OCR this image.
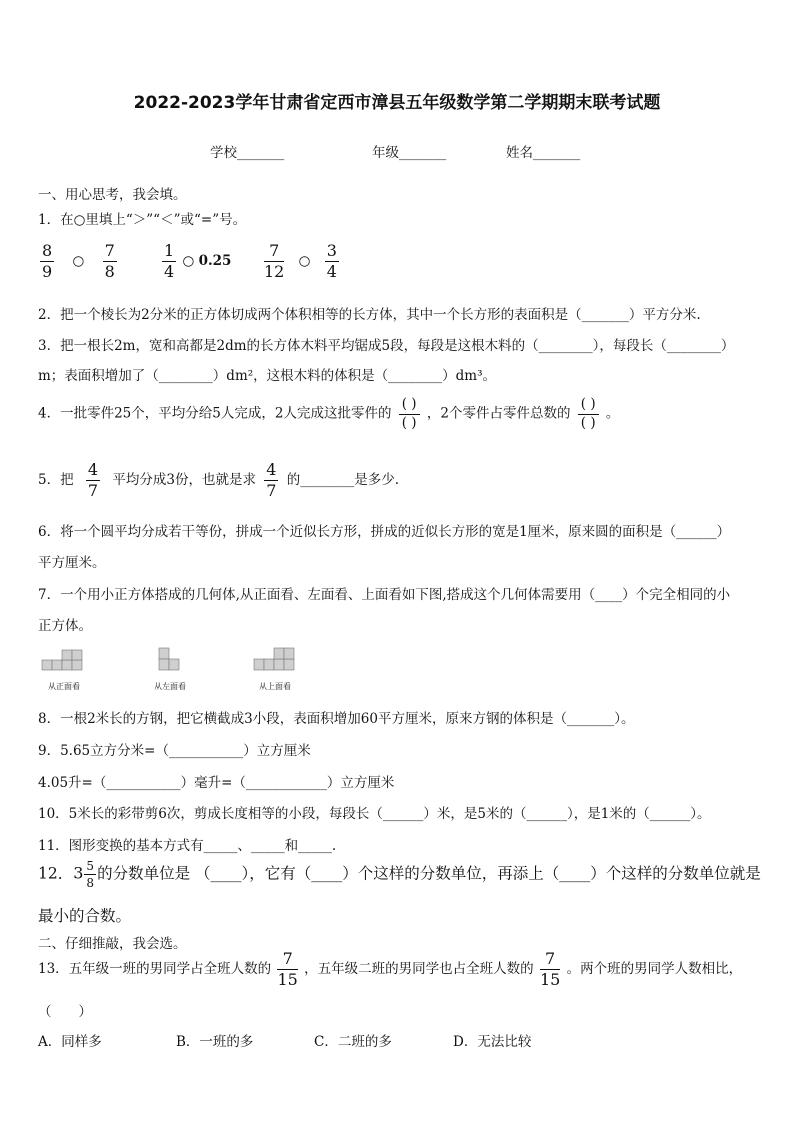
2022-2023学年甘肃省定西市漳县五年级数学第二学期期末联考试题
学校_______	年级_______	姓名_______
一、用心思考，我会填。
1．在○里填上“＞”“＜”或“=”号。
$\frac{8}{9}$ ○ $\frac{7}{8}$	$\frac{1}{4}$ ○ $0.25 \frac{7}{12}$ ○ $\frac{3}{4}$
2．把一个棱长为2分米的正方体切成两个体积相等的长方体，其中一个长方形的表面积是（_______）平方分米.
3．把一根长2m，宽和高都是2dm的长方体木料平均锯成5段，每段是这根木料的（________），每段长（________）
m；表面积增加了（________）dm²，这根木料的体积是（________）dm³。
4．一批零件25个，平均分给5人完成，2人完成这批零件的
( )
( )
，2个零件占零件总数的
( )
( )
。
5．把 $\frac{4}{7}$ 平均分成3份，也就是求 $\frac{4}{7}$ 的________是多少.
6．将一个圆平均分成若干等份，拼成一个近似长方形，拼成的近似长方形的宽是1厘米，原来圆的面积是（______）
平方厘米。
7．一个用小正方体搭成的几何体,从正面看、左面看、上面看如下图,搭成这个几何体需要用（____）个完全相同的小
正方体。
从正面看	从左面看	从上面看
8．一根2米长的方钢，把它横截成3小段，表面积增加60平方厘米，原来方钢的体积是（_______）。
9．5.65立方分米=（___________）立方厘米
4.05升=（___________）毫升=（____________）立方厘米
10．5米长的彩带剪6次，剪成长度相等的小段，每段长（______）米，是5米的（______），是1米的（______）。
11．图形变换的基本方式有_____、_____和_____.
12．$3 \frac{5}{8}$ 的分数单位是 （____），它有（____）个这样的分数单位，再添上（____）个这样的分数单位就是
最小的合数。
二、仔细推敲，我会选。
13．五年级一班的男同学占全班人数的 $\frac{7}{15}$ ，五年级二班的男同学也占全班人数的 $\frac{7}{15}$ 。两个班的男同学人数相比，
（　　）
A．同样多	B．一班的多	C．二班的多	D．无法比较
